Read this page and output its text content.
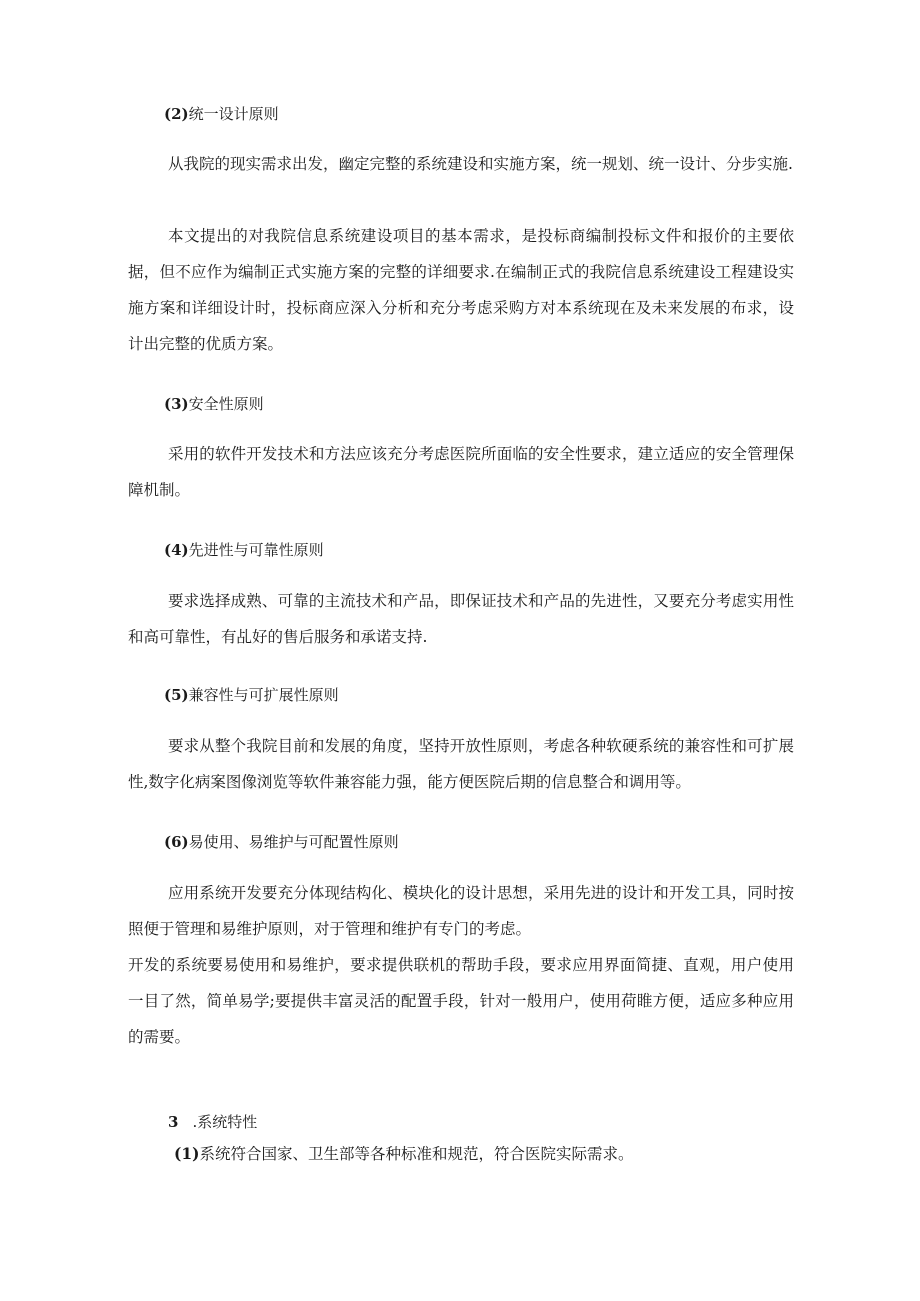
(2)统一设计原则

从我院的现实需求出发，幽定完整的系统建设和实施方案，统一规划、统一设计、分步实施.

本文提出的对我院信息系统建设项目的基本需求，是投标商编制投标文件和报价的主要依据，但不应作为编制正式实施方案的完整的详细要求.在编制正式的我院信息系统建设工程建设实施方案和详细设计时，投标商应深入分析和充分考虑采购方对本系统现在及未来发展的布求，设计出完整的优质方案。

(3)安全性原则

采用的软件开发技术和方法应该充分考虑医院所面临的安全性要求，建立适应的安全管理保障机制。

(4)先进性与可靠性原则

要求选择成熟、可靠的主流技术和产品，即保证技术和产品的先进性，又要充分考虑实用性和高可靠性，有乩好的售后服务和承诺支持.

(5)兼容性与可扩展性原则

要求从整个我院目前和发展的角度，坚持开放性原则，考虑各种软硬系统的兼容性和可扩展性,数字化病案图像浏览等软件兼容能力强，能方便医院后期的信息整合和调用等。

(6)易使用、易维护与可配置性原则

应用系统开发要充分体现结构化、模块化的设计思想，采用先进的设计和开发工具，同时按照便于管理和易维护原则，对于管理和维护有专门的考虑。

开发的系统要易使用和易维护，要求提供联机的帮助手段，要求应用界面简捷、直观，用户使用一目了然，简单易学;要提供丰富灵活的配置手段，针对一般用户，使用荷睢方便，适应多种应用的需要。

3 .系统特性
(1)系统符合国家、卫生部等各种标准和规范，符合医院实际需求。
